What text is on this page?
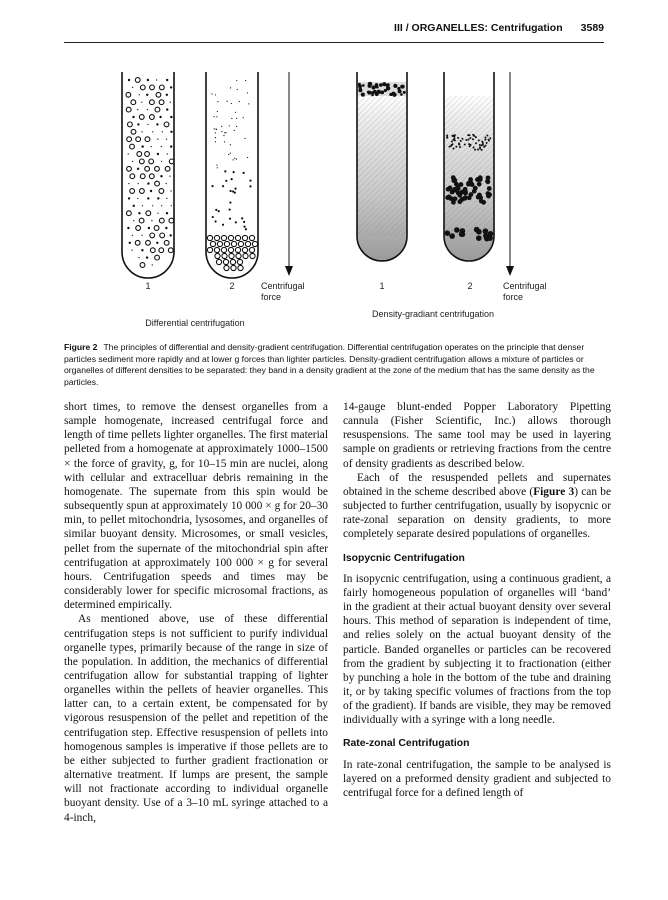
III / ORGANELLES: Centrifugation 3589
1	2	Centrifugal
force
Differential centrifugation
1	2	Centrifugal
force
Density-gradiant centrifugation
Figure 2 The principles of differential and density-gradient centrifugation. Differential centrifugation operates on the principle that denser particles sediment more rapidly and at lower g forces than lighter particles. Density-gradient centrifugation allows a mixture of particles or organelles of different densities to be separated: they band in a density gradient at the zone of the medium that has the same density as the particles.

short times, to remove the densest organelles from a sample homogenate, increased centrifugal force and length of time pellets lighter organelles. The first material pelleted from a homogenate at approximately 1000–1500 × the force of gravity, g, for 10–15 min are nuclei, along with cellular and extracelluar debris remaining in the homogenate. The supernate from this spin would be subsequently spun at approximately 10 000 × g for 20–30 min, to pellet mitochondria, lysosomes, and organelles of similar buoyant density. Microsomes, or small vesicles, pellet from the supernate of the mitochondrial spin after centrifugation at approximately 100 000 × g for several hours. Centrifugation speeds and times may be considerably lower for specific microsomal fractions, as determined empirically.

As mentioned above, use of these differential centrifugation steps is not sufficient to purify individual organelle types, primarily because of the range in size of the population. In addition, the mechanics of differential centrifugation allow for substantial trapping of lighter organelles within the pellets of heavier organelles. This latter can, to a certain extent, be compensated for by vigorous resuspension of the pellet and repetition of the centrifugation step. Effective resuspension of pellets into homogenous samples is imperative if those pellets are to be either subjected to further gradient fractionation or alternative treatment. If lumps are present, the sample will not fractionate according to individual organelle buoyant density. Use of a 3–10 mL syringe attached to a 4-inch,

14-gauge blunt-ended Popper Laboratory Pipetting cannula (Fisher Scientific, Inc.) allows thorough resuspensions. The same tool may be used in layering sample on gradients or retrieving fractions from the centre of density gradients as described below.

Each of the resuspended pellets and supernates obtained in the scheme described above (Figure 3) can be subjected to further centrifugation, usually by isopycnic or rate-zonal separation on density gradients, to more completely separate desired populations of organelles.

Isopycnic Centrifugation

In isopycnic centrifugation, using a continuous gradient, a fairly homogeneous population of organelles will ‘band’ in the gradient at their actual buoyant density over several hours. This method of separation is independent of time, and relies solely on the actual buoyant density of the particle. Banded organelles or particles can be recovered from the gradient by subjecting it to fractionation (either by punching a hole in the bottom of the tube and draining it, or by taking specific volumes of fractions from the top of the gradient). If bands are visible, they may be removed individually with a syringe with a long needle.

Rate-zonal Centrifugation

In rate-zonal centrifugation, the sample to be analysed is layered on a preformed density gradient and subjected to centrifugal force for a defined length of
